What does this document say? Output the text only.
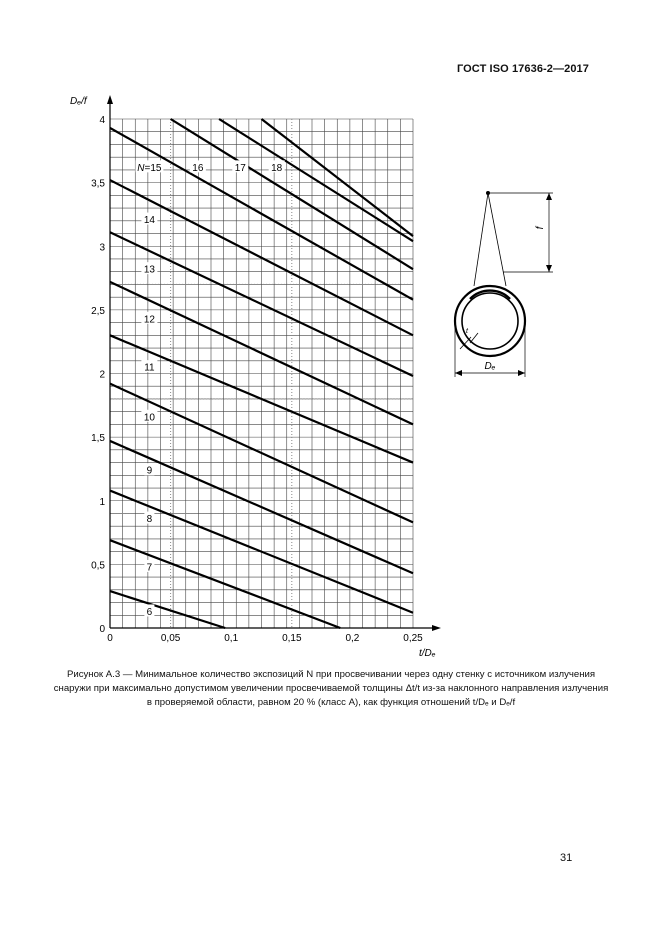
ГОСТ ISO 17636-2—2017
0	0,05	0,1	0,15	0,2	0,25
0
0,5
1
1,5
2
2,5
3
3,5
4
Dₑ/f
t/Dₑ
6
7
8
9
10
11
12
13
14
N=15	16	17	18
f
t
Dₑ
Рисунок А.3 — Минимальное количество экспозиций N при просвечивании через одну стенку с источником излучения снаружи при максимально допустимом увеличении просвечиваемой толщины Δt/t из-за наклонного направления излучения в проверяемой области, равном 20 % (класс А), как функция отношений t/Dₑ и Dₑ/f
31
